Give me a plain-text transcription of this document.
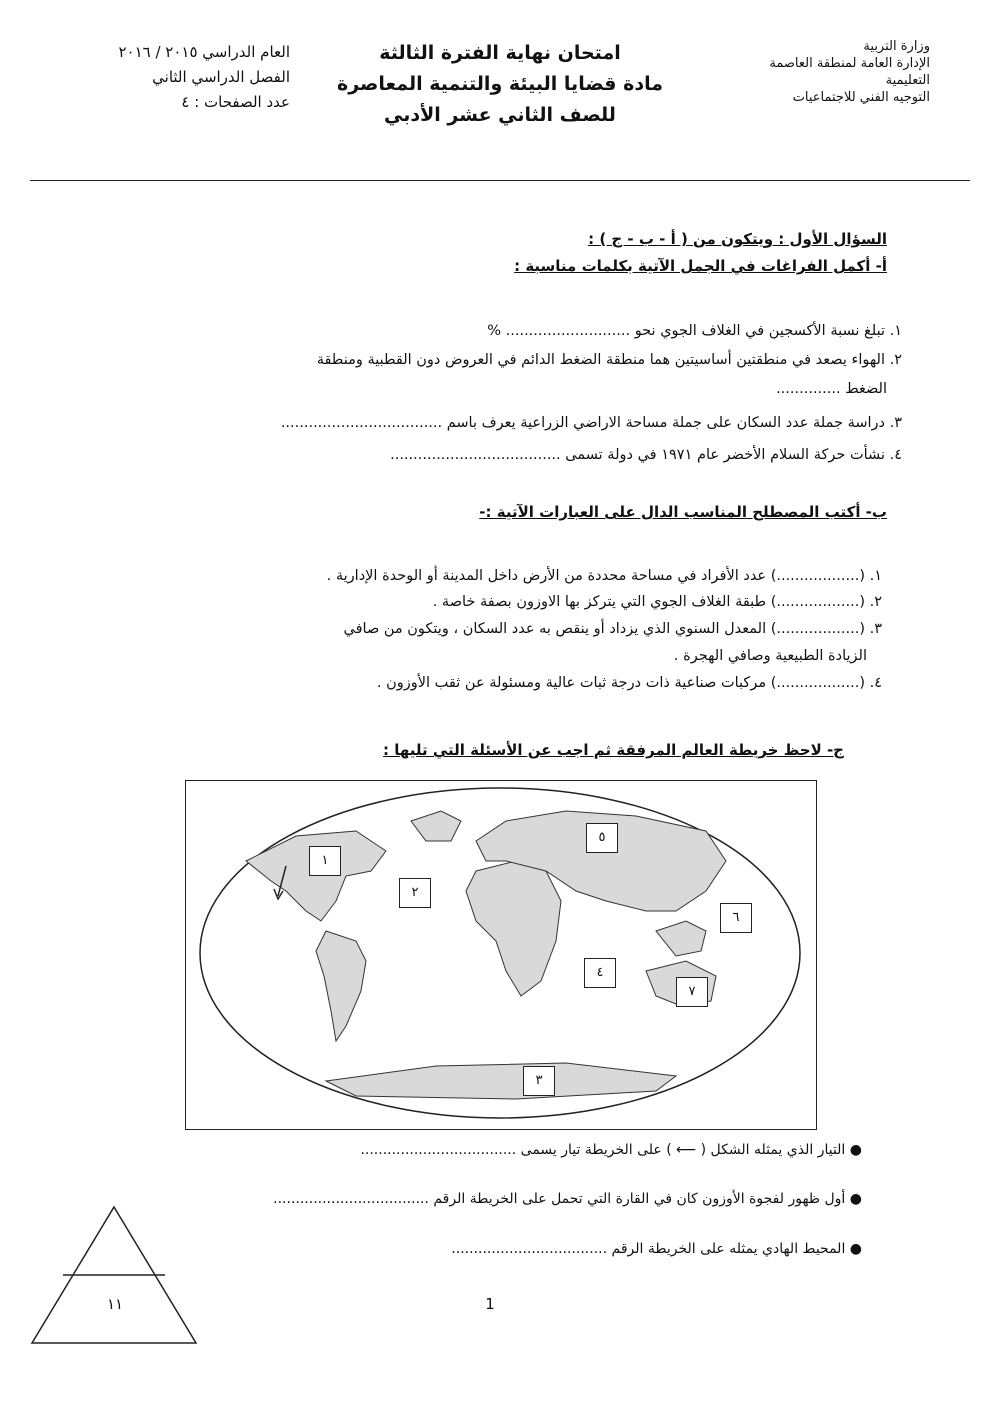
وزارة التربية
الإدارة العامة لمنطقة العاصمة
التعليمية
التوجيه الفني للاجتماعيات
امتحان نهاية الفترة الثالثة
مادة قضايا البيئة والتنمية المعاصرة
للصف الثاني عشر الأدبي
العام الدراسي ٢٠١٥ / ٢٠١٦
الفصل الدراسي الثاني
عدد الصفحات : ٤
السؤال الأول : ويتكون من ( أ - ب - ج ) :
أ- أكمل الفراغات في الجمل الآتية بكلمات مناسبة :
١. تبلغ نسبة الأكسجين في الغلاف الجوي نحو ........................... %
٢. الهواء يصعد في منطقتين أساسيتين هما منطقة الضغط الدائم في العروض دون القطبية ومنطقة
الضغط ..............
٣. دراسة جملة عدد السكان على جملة مساحة الاراضي الزراعية يعرف باسم ...................................
٤. نشأت حركة السلام الأخضر عام ١٩٧١ في دولة تسمى .....................................
ب- أكتب المصطلح المناسب الدال على العبارات الآتية :-
١. (..................) عدد الأفراد في مساحة محددة من الأرض داخل المدينة أو الوحدة الإدارية .
٢. (..................) طبقة الغلاف الجوي التي يتركز بها الاوزون بصفة خاصة .
٣. (..................) المعدل السنوي الذي يزداد أو ينقص به عدد السكان ، ويتكون من صافي
الزيادة الطبيعية وصافي الهجرة .
٤. (..................) مركبات صناعية ذات درجة ثبات عالية ومسئولة عن ثقب الأوزون .
ج- لاحظ خريطة العالم المرفقة ثم اجب عن الأسئلة التي تليها :
١
٢
٣
٤
٥
٦
٧
● التيار الذي يمثله الشكل ( ⟵ ) على الخريطة تيار يسمى ...................................
● أول ظهور لفجوة الأوزون كان في القارة التي تحمل على الخريطة الرقم ...................................
● المحيط الهادي يمثله على الخريطة الرقم ...................................
١١	1
